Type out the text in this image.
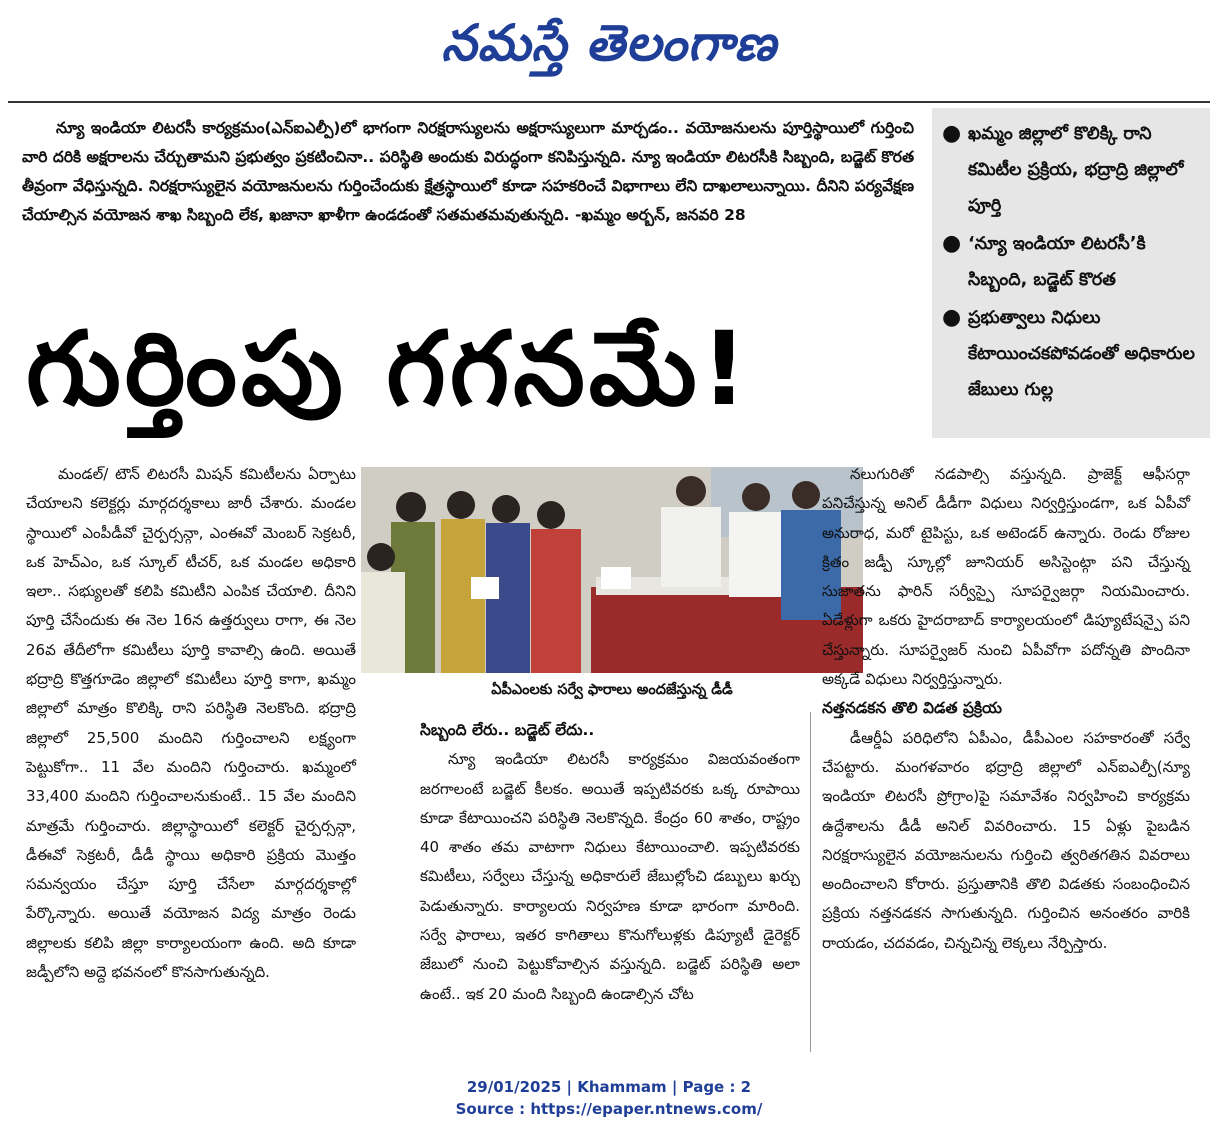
నమస్తే తెలంగాణ
న్యూ ఇండియా లిటరసీ కార్యక్రమం(ఎన్ఐఎల్పీ)లో భాగంగా నిరక్షరాస్యులను అక్షరాస్యులుగా మార్చడం.. వయోజనులను పూర్తిస్థాయిలో గుర్తించి వారి దరికి అక్షరాలను చేర్చుతామని ప్రభుత్వం ప్రకటించినా.. పరిస్థితి అందుకు విరుద్ధంగా కనిపిస్తున్నది. న్యూ ఇండియా లిటరసీకి సిబ్బంది, బడ్జెట్ కొరత తీవ్రంగా వేధిస్తున్నది. నిరక్షరాస్యులైన వయోజనులను గుర్తించేందుకు క్షేత్రస్థాయిలో కూడా సహకరించే విభాగాలు లేని దాఖలాలున్నాయి. దీనిని పర్యవేక్షణ చేయాల్సిన వయోజన శాఖ సిబ్బంది లేక, ఖజానా ఖాళీగా ఉండడంతో సతమతమవుతున్నది. -ఖమ్మం అర్బన్, జనవరి 28
● ఖమ్మం జిల్లాలో కొలిక్కి రాని కమిటీల ప్రక్రియ, భద్రాద్రి జిల్లాలో పూర్తి
● ‘న్యూ ఇండియా లిటరసీ’కి సిబ్బంది, బడ్జెట్ కొరత
● ప్రభుత్వాలు నిధులు కేటాయించకపోవడంతో అధికారుల జేబులు గుల్ల
గుర్తింపు గగనమే!
మండల్/ టౌన్ లిటరసీ మిషన్ కమిటీలను ఏర్పాటు చేయాలని కలెక్టర్లు మార్గదర్శకాలు జారీ చేశారు. మండల స్థాయిలో ఎంపీడీవో చైర్పర్సన్గా, ఎంఈవో మెంబర్ సెక్రటరీ, ఒక హెచ్ఎం, ఒక స్కూల్ టీచర్, ఒక మండల అధికారి ఇలా.. సభ్యులతో కలిపి కమిటీని ఎంపిక చేయాలి. దీనిని పూర్తి చేసేందుకు ఈ నెల 16న ఉత్తర్వులు రాగా, ఈ నెల 26వ తేదీలోగా కమిటీలు పూర్తి కావాల్సి ఉంది. అయితే భద్రాద్రి కొత్తగూడెం జిల్లాలో కమిటీలు పూర్తి కాగా, ఖమ్మం జిల్లాలో మాత్రం కొలిక్కి రాని పరిస్థితి నెలకొంది. భద్రాద్రి జిల్లాలో 25,500 మందిని గుర్తించాలని లక్ష్యంగా పెట్టుకోగా.. 11 వేల మందిని గుర్తించారు. ఖమ్మంలో 33,400 మందిని గుర్తించాలనుకుంటే.. 15 వేల మందిని మాత్రమే గుర్తించారు. జిల్లాస్థాయిలో కలెక్టర్ చైర్పర్సన్గా, డీఈవో సెక్రటరీ, డీడీ స్థాయి అధికారి ప్రక్రియ మొత్తం సమన్వయం చేస్తూ పూర్తి చేసేలా మార్గదర్శకాల్లో పేర్కొన్నారు. అయితే వయోజన విద్య మాత్రం రెండు జిల్లాలకు కలిపి జిల్లా కార్యాలయంగా ఉంది. అది కూడా జడ్పీలోని అద్దె భవనంలో కొనసాగుతున్నది.
ఏపీఎంలకు సర్వే ఫారాలు అందజేస్తున్న డీడీ
సిబ్బంది లేరు.. బడ్జెట్ లేదు..
న్యూ ఇండియా లిటరసీ కార్యక్రమం విజయవంతంగా జరగాలంటే బడ్జెట్ కీలకం. అయితే ఇప్పటివరకు ఒక్క రూపాయి కూడా కేటాయించని పరిస్థితి నెలకొన్నది. కేంద్రం 60 శాతం, రాష్ట్రం 40 శాతం తమ వాటాగా నిధులు కేటాయించాలి. ఇప్పటివరకు కమిటీలు, సర్వేలు చేస్తున్న అధికారులే జేబుల్లోంచి డబ్బులు ఖర్చు పెడుతున్నారు. కార్యాలయ నిర్వహణ కూడా భారంగా మారింది. సర్వే ఫారాలు, ఇతర కాగితాలు కొనుగోలుళ్లకు డిప్యూటీ డైరెక్టర్ జేబులో నుంచి పెట్టుకోవాల్సిన వస్తున్నది. బడ్జెట్ పరిస్థితి అలా ఉంటే.. ఇక 20 మంది సిబ్బంది ఉండాల్సిన చోట
నలుగురితో నడపాల్సి వస్తున్నది. ప్రాజెక్ట్ ఆఫీసర్గా పనిచేస్తున్న అనిల్ డీడీగా విధులు నిర్వర్తిస్తుండగా, ఒక ఏపీవో అనురాధ, మరో టైపిస్టు, ఒక అటెండర్ ఉన్నారు. రెండు రోజుల క్రితం జడ్పీ స్కూల్లో జూనియర్ అసిస్టెంట్గా పని చేస్తున్న సుజాతను ఫారిన్ సర్వీస్పై సూపర్వైజర్గా నియమించారు. ఏడేళ్లుగా ఒకరు హైదరాబాద్ కార్యాలయంలో డిప్యూటేషన్పై పని చేస్తున్నారు. సూపర్వైజర్ నుంచి ఏపీవోగా పదోన్నతి పొందినా అక్కడే విధులు నిర్వర్తిస్తున్నారు.
నత్తనడకన తొలి విడత ప్రక్రియ
డీఆర్డీఏ పరిధిలోని ఏపీఎం, డీపీఎంల సహకారంతో సర్వే చేపట్టారు. మంగళవారం భద్రాద్రి జిల్లాలో ఎన్ఐఎల్పీ(న్యూ ఇండియా లిటరసీ ప్రోగ్రాం)పై సమావేశం నిర్వహించి కార్యక్రమ ఉద్దేశాలను డీడీ అనిల్ వివరించారు. 15 ఏళ్లు పైబడిన నిరక్షరాస్యులైన వయోజనులను గుర్తించి త్వరితగతిన వివరాలు అందించాలని కోరారు. ప్రస్తుతానికి తొలి విడతకు సంబంధించిన ప్రక్రియ నత్తనడకన సాగుతున్నది. గుర్తించిన అనంతరం వారికి రాయడం, చదవడం, చిన్నచిన్న లెక్కలు నేర్పిస్తారు.
29/01/2025 | Khammam | Page : 2
Source : https://epaper.ntnews.com/
